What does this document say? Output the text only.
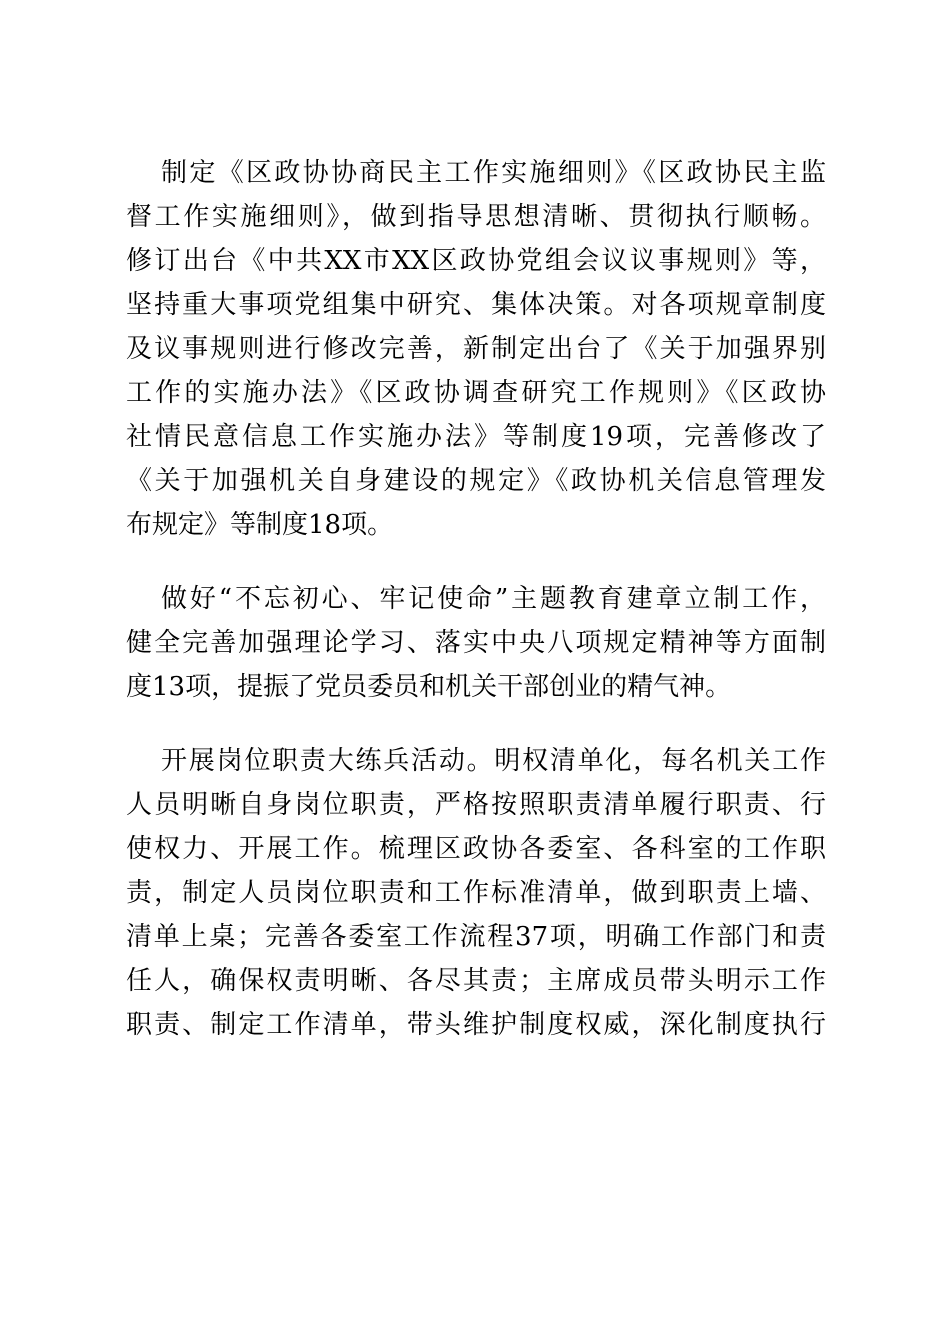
制定《区政协协商民主工作实施细则》《区政协民主监
督工作实施细则》，做到指导思想清晰、贯彻执行顺畅。
修订出台《中共XX市XX区政协党组会议议事规则》等，
坚持重大事项党组集中研究、集体决策。对各项规章制度
及议事规则进行修改完善，新制定出台了《关于加强界别
工作的实施办法》《区政协调查研究工作规则》《区政协
社情民意信息工作实施办法》等制度19项，完善修改了
《关于加强机关自身建设的规定》《政协机关信息管理发
布规定》等制度18项。
做好“不忘初心、牢记使命”主题教育建章立制工作，
健全完善加强理论学习、落实中央八项规定精神等方面制
度13项，提振了党员委员和机关干部创业的精气神。
开展岗位职责大练兵活动。明权清单化，每名机关工作
人员明晰自身岗位职责，严格按照职责清单履行职责、行
使权力、开展工作。梳理区政协各委室、各科室的工作职
责，制定人员岗位职责和工作标准清单，做到职责上墙、
清单上桌；完善各委室工作流程37项，明确工作部门和责
任人，确保权责明晰、各尽其责；主席成员带头明示工作
职责、制定工作清单，带头维护制度权威，深化制度执行
